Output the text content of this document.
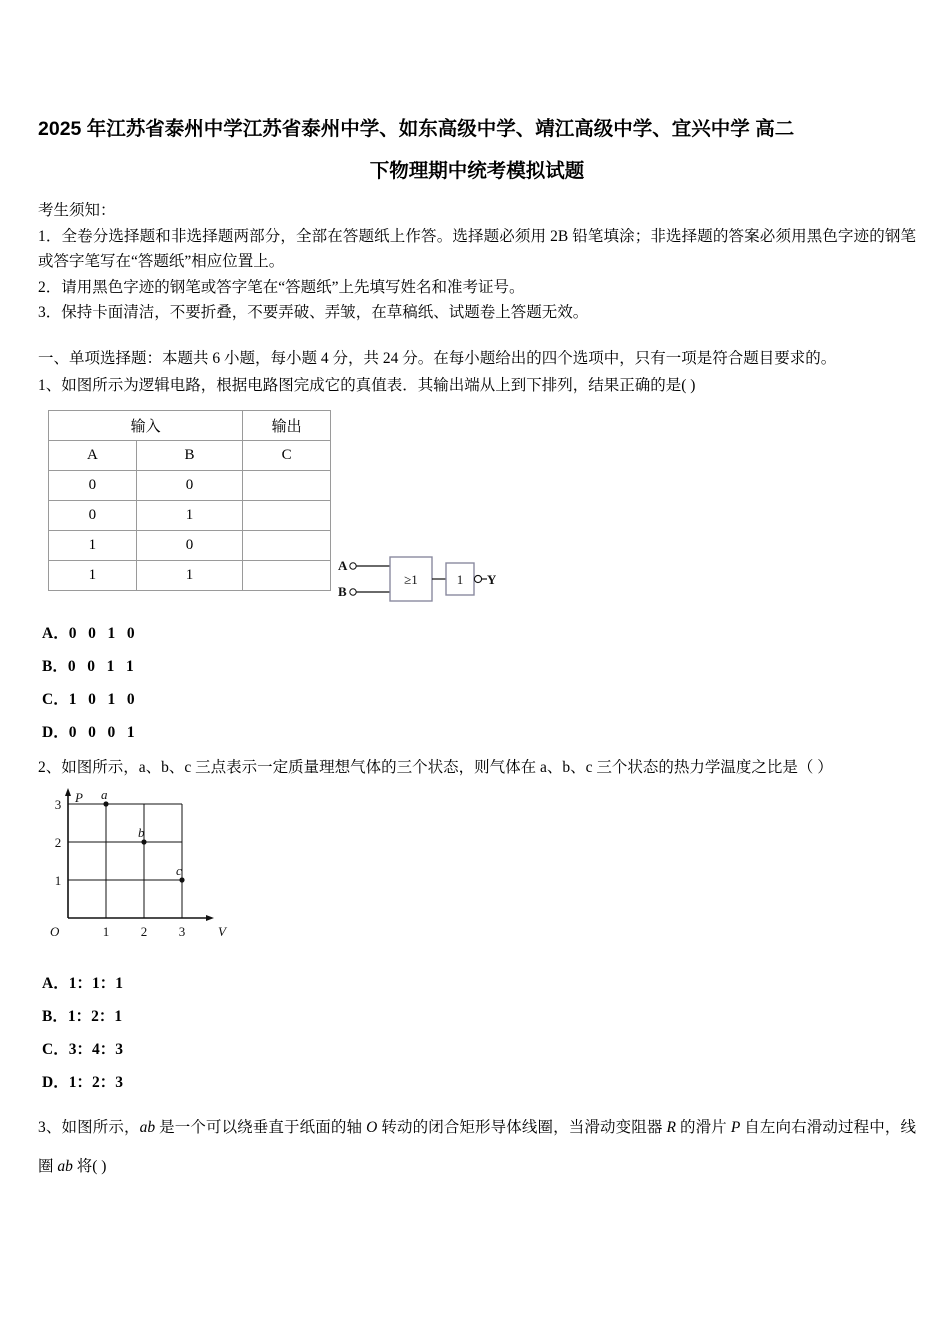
2025 年江苏省泰州中学江苏省泰州中学、如东高级中学、靖江高级中学、宜兴中学 高二
下物理期中统考模拟试题

考生须知：

1．全卷分选择题和非选择题两部分，全部在答题纸上作答。选择题必须用 2B 铅笔填涂；非选择题的答案必须用黑色字迹的钢笔或答字笔写在“答题纸”相应位置上。

2．请用黑色字迹的钢笔或答字笔在“答题纸”上先填写姓名和准考证号。

3．保持卡面清洁，不要折叠，不要弄破、弄皱，在草稿纸、试题卷上答题无效。

一、单项选择题：本题共 6 小题，每小题 4 分，共 24 分。在每小题给出的四个选项中，只有一项是符合题目要求的。
1、如图所示为逻辑电路，根据电路图完成它的真值表．其输出端从上到下排列，结果正确的是( )
输入		输出
A	B	C
0	0	
0	1	
1	0	
1	1	
A
B
≥1	1 Y
A．0   0   1   0
B．0   0   1   1
C．1   0   1   0
D．0   0   0   1
2、如图所示，a、b、c 三点表示一定质量理想气体的三个状态，则气体在 a、b、c 三个状态的热力学温度之比是（ ）
P
V
O	1 2 3
1
2
3
a
b
c
A．1：1：1
B．1：2：1
C．3：4：3
D．1：2：3
3、如图所示，ab 是一个可以绕垂直于纸面的轴 O 转动的闭合矩形导体线圈，当滑动变阻器 R 的滑片 P 自左向右滑动过程中，线圈 ab 将( )
